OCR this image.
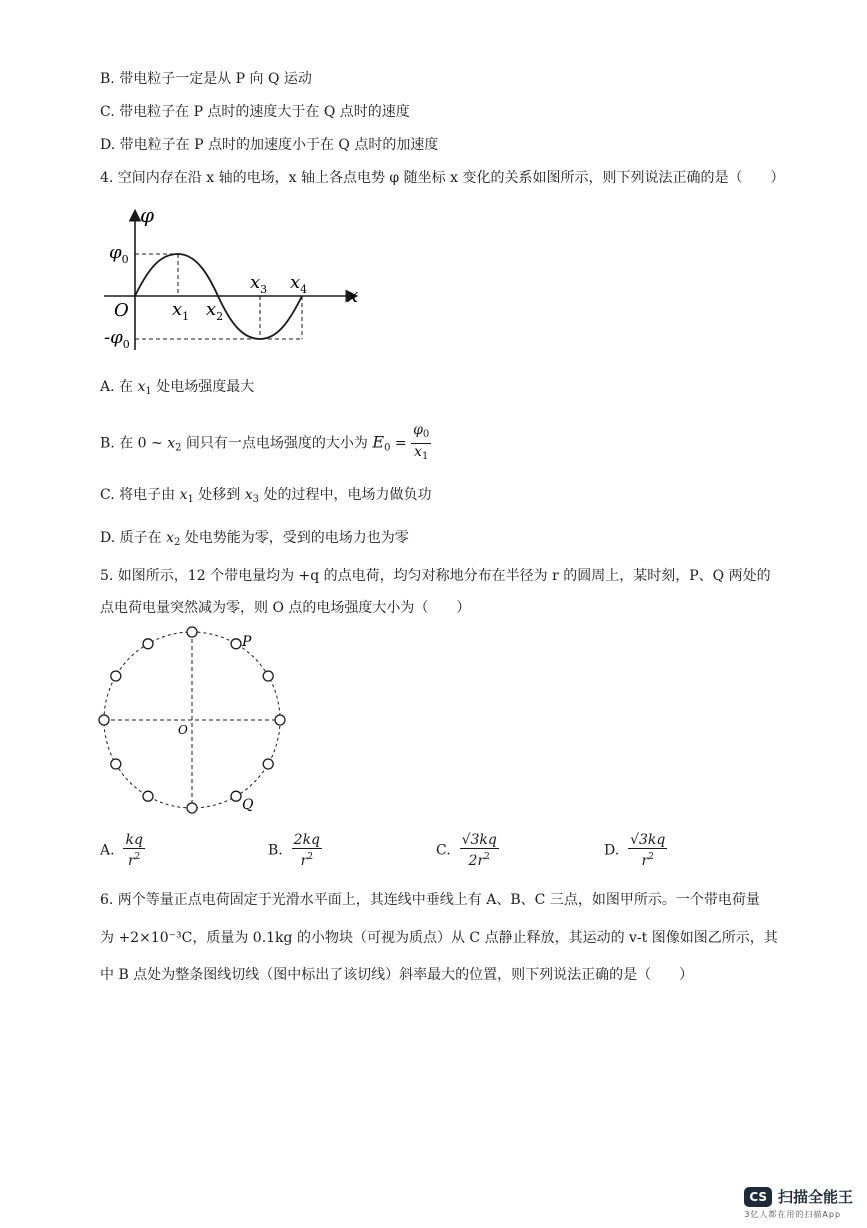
B. 带电粒子一定是从 P 向 Q 运动
C. 带电粒子在 P 点时的速度大于在 Q 点时的速度
D. 带电粒子在 P 点时的加速度小于在 Q 点时的加速度
4. 空间内存在沿 x 轴的电场，x 轴上各点电势 φ 随坐标 x 变化的关系如图所示，则下列说法正确的是（　　）
φ
x
O
$\varphi_0$
$-\varphi_0$
$x_1$ $x_2$
$x_3$ $x_4$
A. 在 $x_1$ 处电场强度最大
B. 在 0 ~ $x_2$ 间只有一点电场强度的大小为 $E_0 = \frac{\varphi_0}{x_1}$
C. 将电子由 $x_1$ 处移到 $x_3$ 处的过程中，电场力做负功
D. 质子在 $x_2$ 处电势能为零，受到的电场力也为零
5. 如图所示，12 个带电量均为 +q 的点电荷，均匀对称地分布在半径为 r 的圆周上，某时刻，P、Q 两处的
点电荷电量突然减为零，则 O 点的电场强度大小为（　　）
P
Q
O
A. $\frac{kq}{r^2}$	B. $\frac{2kq}{r^2}$	C. $\frac{√3kq}{2r^2}$	D. $\frac{√3kq}{r^2}$
6. 两个等量正点电荷固定于光滑水平面上，其连线中垂线上有 A、B、C 三点，如图甲所示。一个带电荷量
为 +2×10⁻³C，质量为 0.1kg 的小物块（可视为质点）从 C 点静止释放，其运动的 v-t 图像如图乙所示，其
中 B 点处为整条图线切线（图中标出了该切线）斜率最大的位置，则下列说法正确的是（　　）
CS 扫描全能王
3亿人都在用的扫描App
